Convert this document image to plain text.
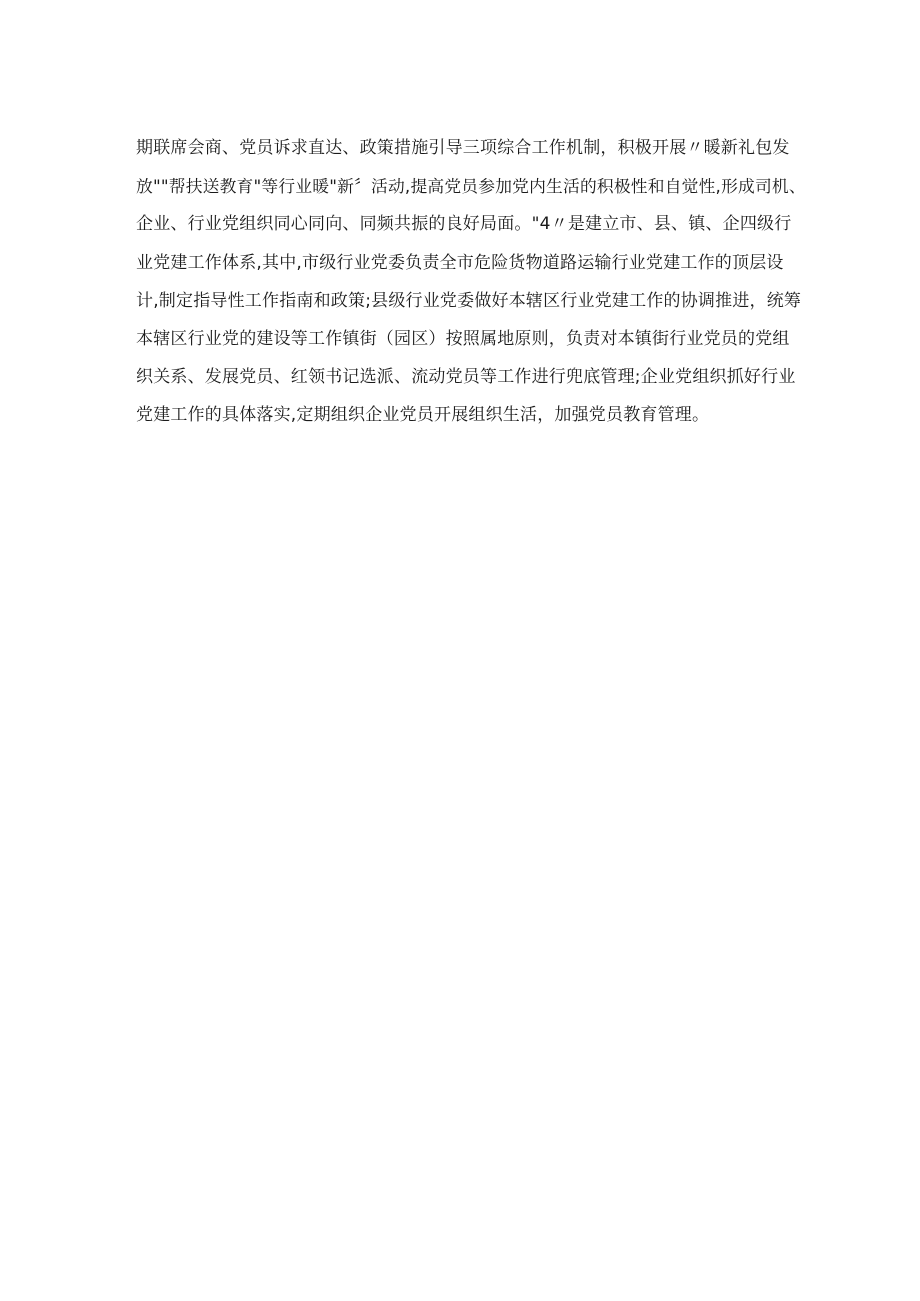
期联席会商、党员诉求直达、政策措施引导三项综合工作机制，积极开展〃暖新礼包发
放""帮扶送教育"等行业暖"新〞活动,提高党员参加党内生活的积极性和自觉性,形成司机、
企业、行业党组织同心同向、同频共振的良好局面。"4〃是建立市、县、镇、企四级行
业党建工作体系,其中,市级行业党委负责全市危险货物道路运输行业党建工作的顶层设
计,制定指导性工作指南和政策;县级行业党委做好本辖区行业党建工作的协调推进，统筹
本辖区行业党的建设等工作镇街（园区）按照属地原则，负责对本镇街行业党员的党组
织关系、发展党员、红领书记选派、流动党员等工作进行兜底管理;企业党组织抓好行业
党建工作的具体落实,定期组织企业党员开展组织生活，加强党员教育管理。
